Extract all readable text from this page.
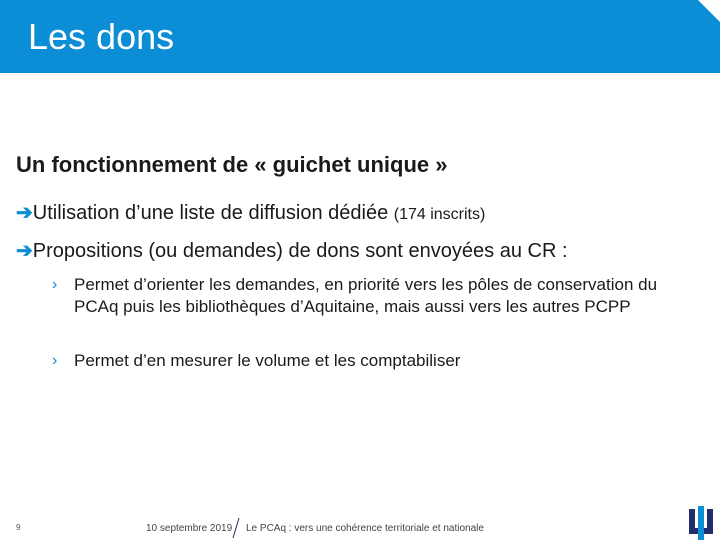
Les dons
Un fonctionnement de « guichet unique »

➔Utilisation d’une liste de diffusion dédiée (174 inscrits)

➔Propositions (ou demandes) de dons sont envoyées au CR :

› Permet d’orienter les demandes, en priorité vers les pôles de conservation du PCAq puis les bibliothèques d’Aquitaine, mais aussi vers les autres PCPP
› Permet d’en mesurer le volume et les comptabiliser
9	10 septembre 2019 Le PCAq : vers une cohérence territoriale et nationale
